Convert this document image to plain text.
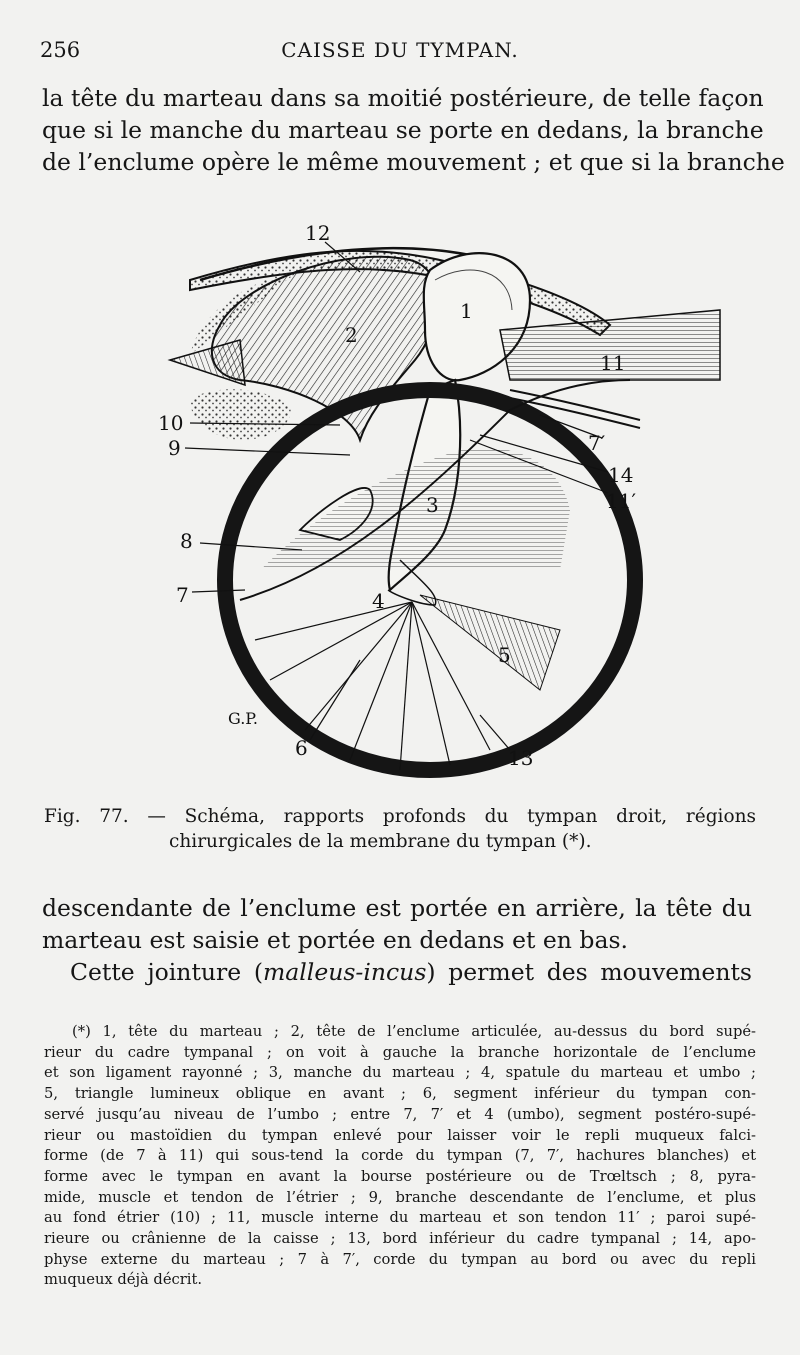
256	CAISSE DU TYMPAN.
la tête du marteau dans sa moitié postérieure, de telle façon
que si le manche du marteau se porte en dedans, la branche
de l’enclume opère le même mouvement ; et que si la branche
12
1
2
11
10
9	7′
14
11′
3
8
7	4
5
G.P.
6	13
Fig. 77. — Schéma, rapports profonds du tympan droit, régions
chirurgicales de la membrane du tympan (*).
descendante de l’enclume est portée en arrière, la tête du
marteau est saisie et portée en dedans et en bas.
Cette jointure (malleus-incus) permet des mouvements
(*) 1, tête du marteau ; 2, tête de l’enclume articulée, au-dessus du bord supé-
rieur du cadre tympanal ; on voit à gauche la branche horizontale de l’enclume
et son ligament rayonné ; 3, manche du marteau ; 4, spatule du marteau et umbo ;
5, triangle lumineux oblique en avant ; 6, segment inférieur du tympan con-
servé jusqu’au niveau de l’umbo ; entre 7, 7′ et 4 (umbo), segment postéro-supé-
rieur ou mastoïdien du tympan enlevé pour laisser voir le repli muqueux falci-
forme (de 7 à 11) qui sous-tend la corde du tympan (7, 7′, hachures blanches) et
forme avec le tympan en avant la bourse postérieure ou de Trœltsch ; 8, pyra-
mide, muscle et tendon de l’étrier ; 9, branche descendante de l’enclume, et plus
au fond étrier (10) ; 11, muscle interne du marteau et son tendon 11′ ; paroi supé-
rieure ou crânienne de la caisse ; 13, bord inférieur du cadre tympanal ; 14, apo-
physe externe du marteau ; 7 à 7′, corde du tympan au bord ou avec du repli
muqueux déjà décrit.
